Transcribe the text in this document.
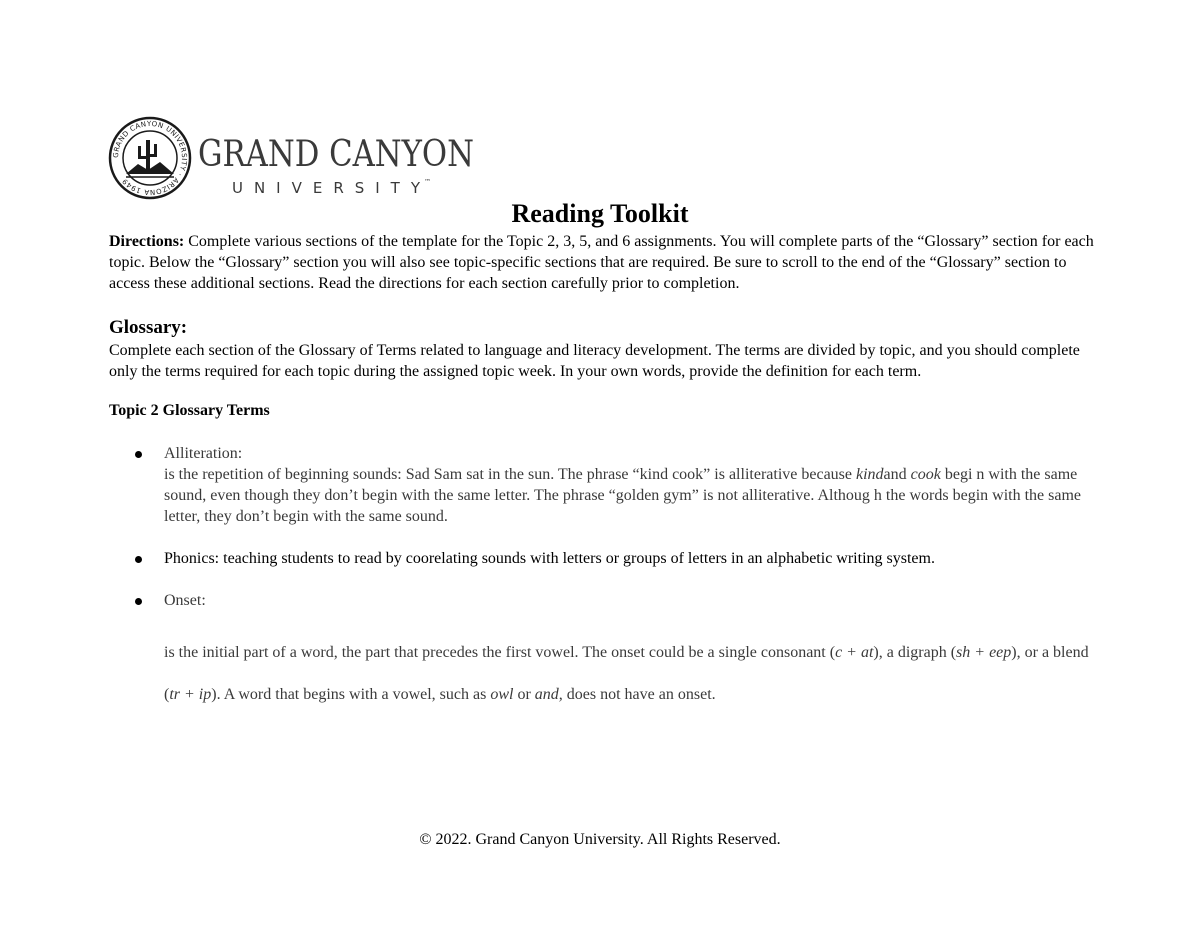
GRAND CANYON UNIVERSITY · ARIZONA 1949
GRAND CANYON
UNIVERSITY ™
Reading Toolkit
Directions: Complete various sections of the template for the Topic 2, 3, 5, and 6 assignments. You will complete parts of the “Glossary” section for each topic. Below the “Glossary” section you will also see topic-specific sections that are required. Be sure to scroll to the end of the “Glossary” section to access these additional sections. Read the directions for each section carefully prior to completion.
Glossary:
Complete each section of the Glossary of Terms related to language and literacy development. The terms are divided by topic, and you should complete only the terms required for each topic during the assigned topic week. In your own words, provide the definition for each term.
Topic 2 Glossary Terms
Alliteration:
is the repetition of beginning sounds: Sad Sam sat in the sun. The phrase “kind cook” is alliterative because kindand cook begi n with the same sound, even though they don’t begin with the same letter. The phrase “golden gym” is not alliterative. Althoug h the words begin with the same letter, they don’t begin with the same sound.
Phonics: teaching students to read by coorelating sounds with letters or groups of letters in an alphabetic writing system.
Onset:
is the initial part of a word, the part that precedes the first vowel. The onset could be a single consonant (c + at), a digraph (sh + eep), or a blend (tr + ip). A word that begins with a vowel, such as owl or and, does not have an onset.
© 2022. Grand Canyon University. All Rights Reserved.
